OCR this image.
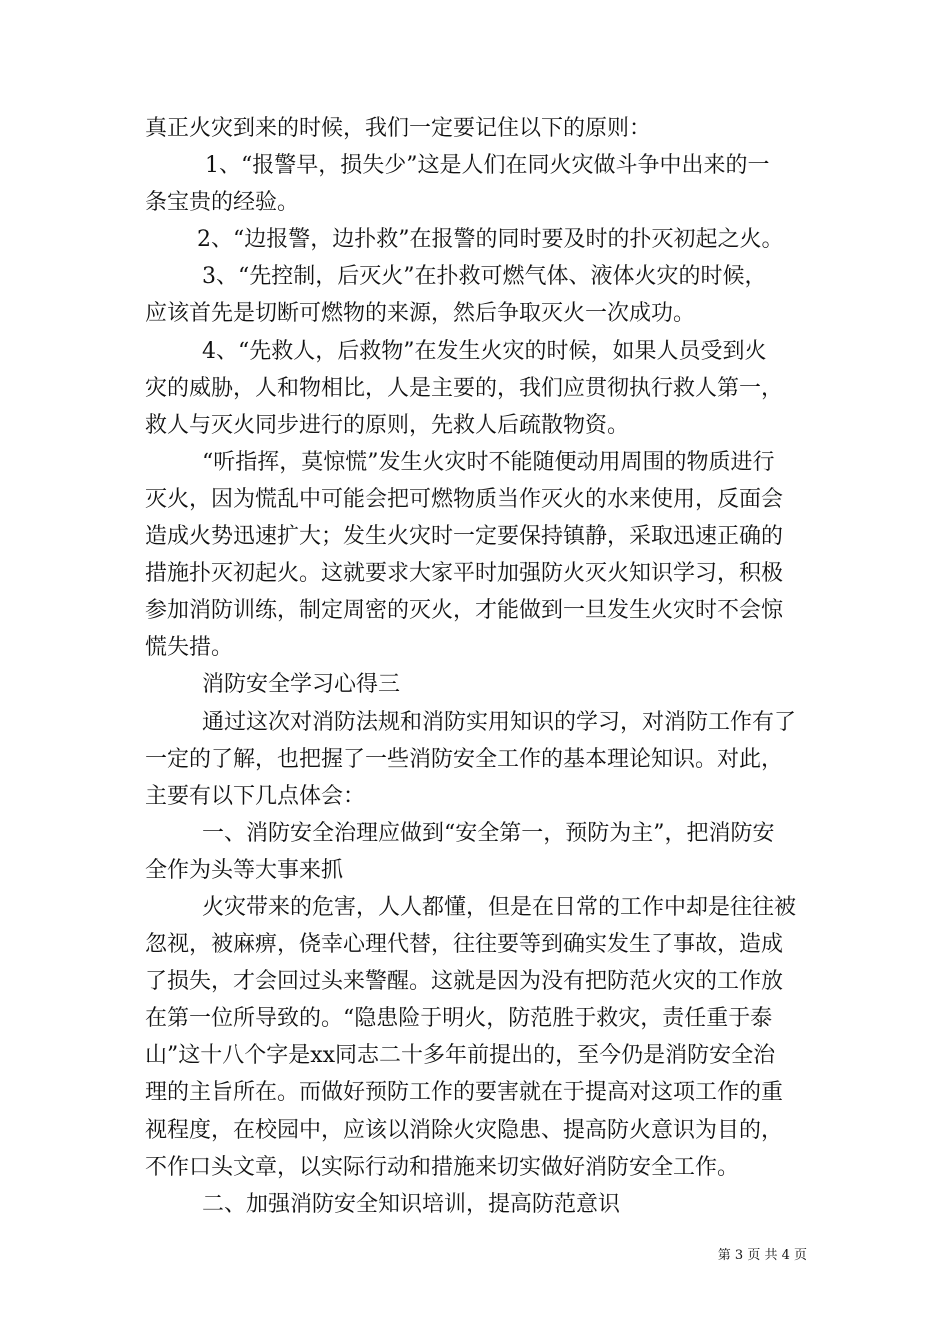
真正火灾到来的时候，我们一定要记住以下的原则：
1、“报警早，损失少”这是人们在同火灾做斗争中出来的一
条宝贵的经验。
2、“边报警，边扑救”在报警的同时要及时的扑灭初起之火。
3、“先控制，后灭火”在扑救可燃气体、液体火灾的时候，
应该首先是切断可燃物的来源，然后争取灭火一次成功。
4、“先救人，后救物”在发生火灾的时候，如果人员受到火
灾的威胁，人和物相比，人是主要的，我们应贯彻执行救人第一，
救人与灭火同步进行的原则，先救人后疏散物资。
“听指挥，莫惊慌”发生火灾时不能随便动用周围的物质进行
灭火，因为慌乱中可能会把可燃物质当作灭火的水来使用，反面会
造成火势迅速扩大；发生火灾时一定要保持镇静，采取迅速正确的
措施扑灭初起火。这就要求大家平时加强防火灭火知识学习，积极
参加消防训练，制定周密的灭火，才能做到一旦发生火灾时不会惊
慌失措。
消防安全学习心得三
通过这次对消防法规和消防实用知识的学习，对消防工作有了
一定的了解，也把握了一些消防安全工作的基本理论知识。对此，
主要有以下几点体会：
一、消防安全治理应做到“安全第一，预防为主”，把消防安
全作为头等大事来抓
火灾带来的危害，人人都懂，但是在日常的工作中却是往往被
忽视，被麻痹，侥幸心理代替，往往要等到确实发生了事故，造成
了损失，才会回过头来警醒。这就是因为没有把防范火灾的工作放
在第一位所导致的。“隐患险于明火，防范胜于救灾，责任重于泰
山”这十八个字是xx同志二十多年前提出的，至今仍是消防安全治
理的主旨所在。而做好预防工作的要害就在于提高对这项工作的重
视程度，在校园中，应该以消除火灾隐患、提高防火意识为目的，
不作口头文章，以实际行动和措施来切实做好消防安全工作。
二、加强消防安全知识培训，提高防范意识
第 3 页 共 4 页
